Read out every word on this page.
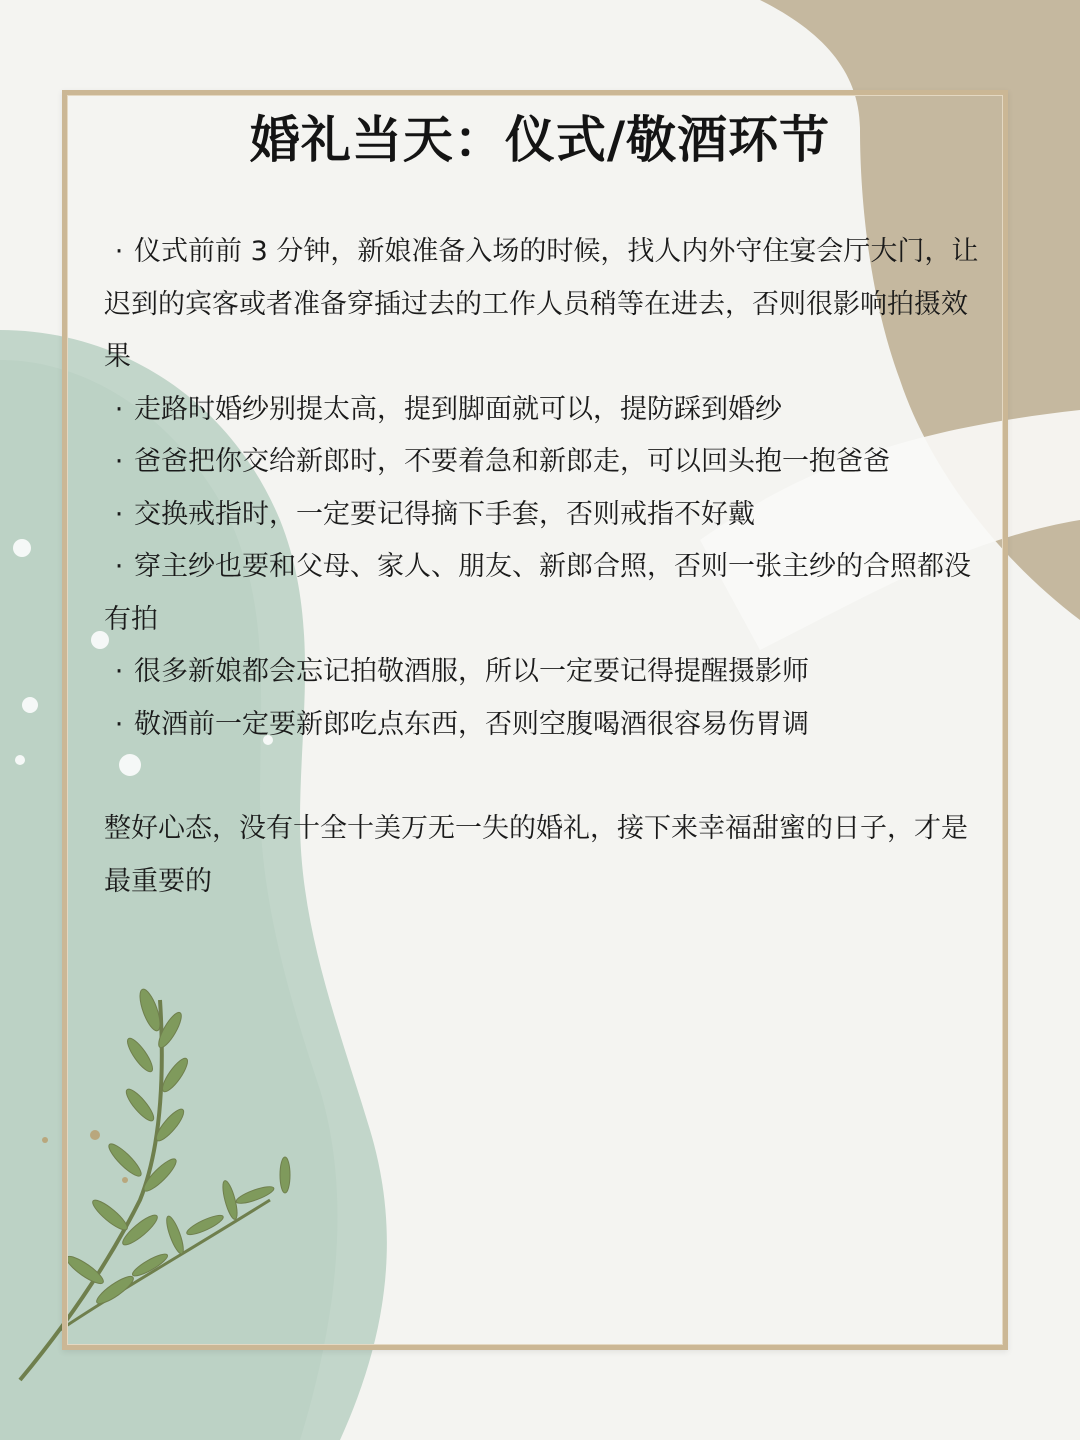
婚礼当天：仪式/敬酒环节

· 仪式前前 3 分钟，新娘准备入场的时候，找人内外守住宴会厅大门，让迟到的宾客或者准备穿插过去的工作人员稍等在进去，否则很影响拍摄效果

· 走路时婚纱别提太高，提到脚面就可以，提防踩到婚纱

· 爸爸把你交给新郎时，不要着急和新郎走，可以回头抱一抱爸爸

· 交换戒指时，一定要记得摘下手套，否则戒指不好戴

· 穿主纱也要和父母、家人、朋友、新郎合照，否则一张主纱的合照都没有拍

· 很多新娘都会忘记拍敬酒服，所以一定要记得提醒摄影师

· 敬酒前一定要新郎吃点东西，否则空腹喝酒很容易伤胃调

整好心态，没有十全十美万无一失的婚礼，接下来幸福甜蜜的日子，才是最重要的
